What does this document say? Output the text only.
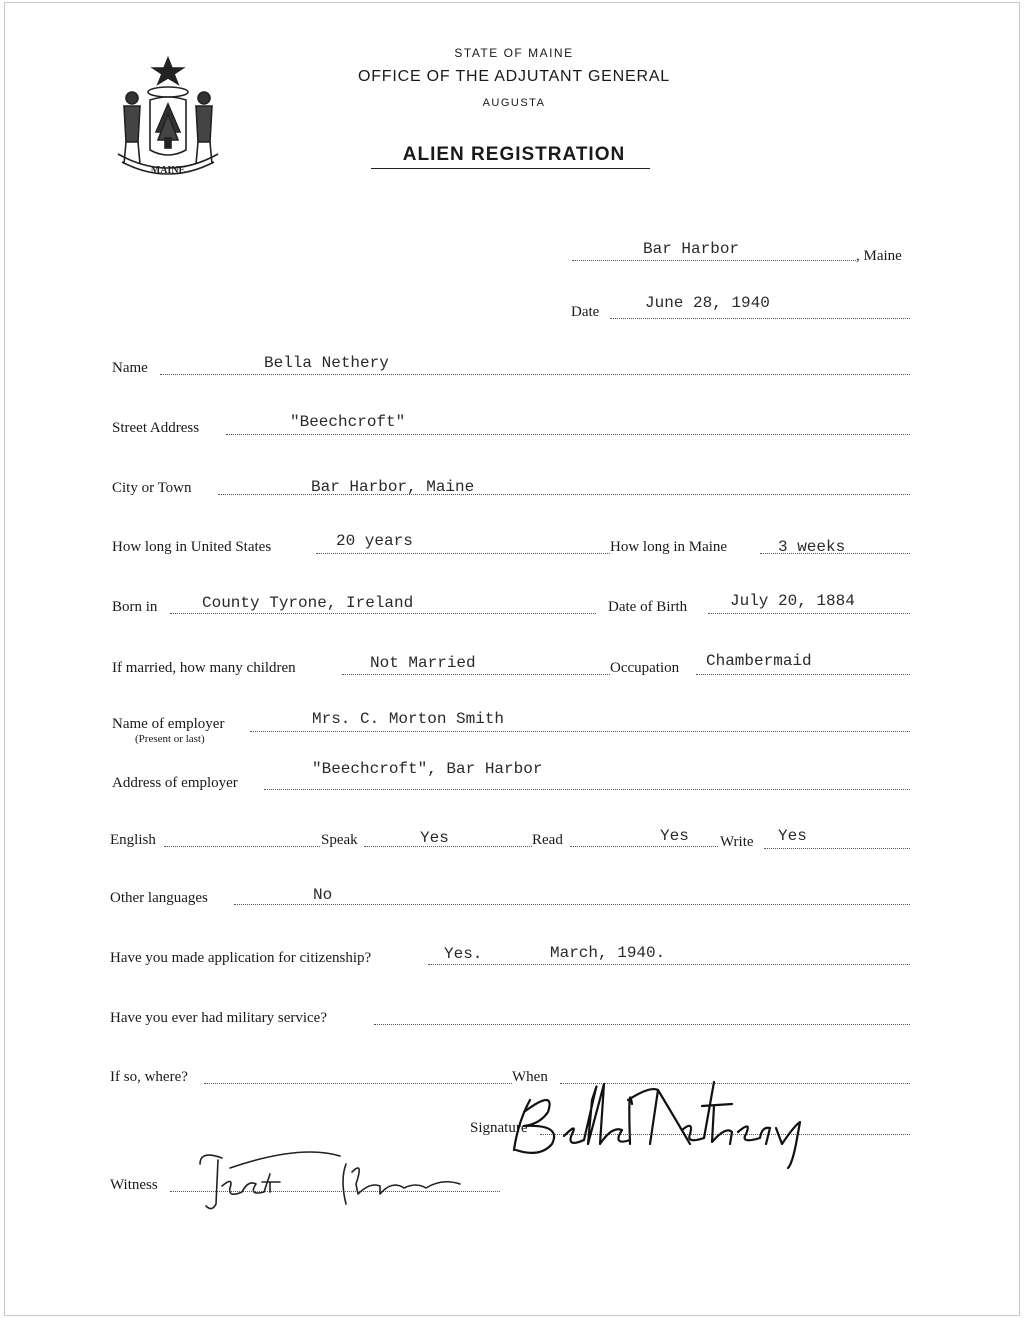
MAINE
STATE OF MAINE
OFFICE OF THE ADJUTANT GENERAL
AUGUSTA
ALIEN REGISTRATION
Bar Harbor	, Maine
Date	June 28, 1940
Name	Bella Nethery
Street Address	"Beechcroft"
City or Town	Bar Harbor, Maine
How long in United States	20 years	How long in Maine	3 weeks
Born in	County Tyrone, Ireland	Date of Birth	July 20, 1884
If married, how many children	Not Married	Occupation Chambermaid
Name of employer
(Present or last)
Mrs. C. Morton Smith
Address of employer
"Beechcroft", Bar Harbor
English	Speak	Yes	Read	Yes Write Yes
Other languages	No
Have you made application for citizenship?	Yes.	March, 1940.
Have you ever had military service?
If so, where?	When
Signature
Witness
